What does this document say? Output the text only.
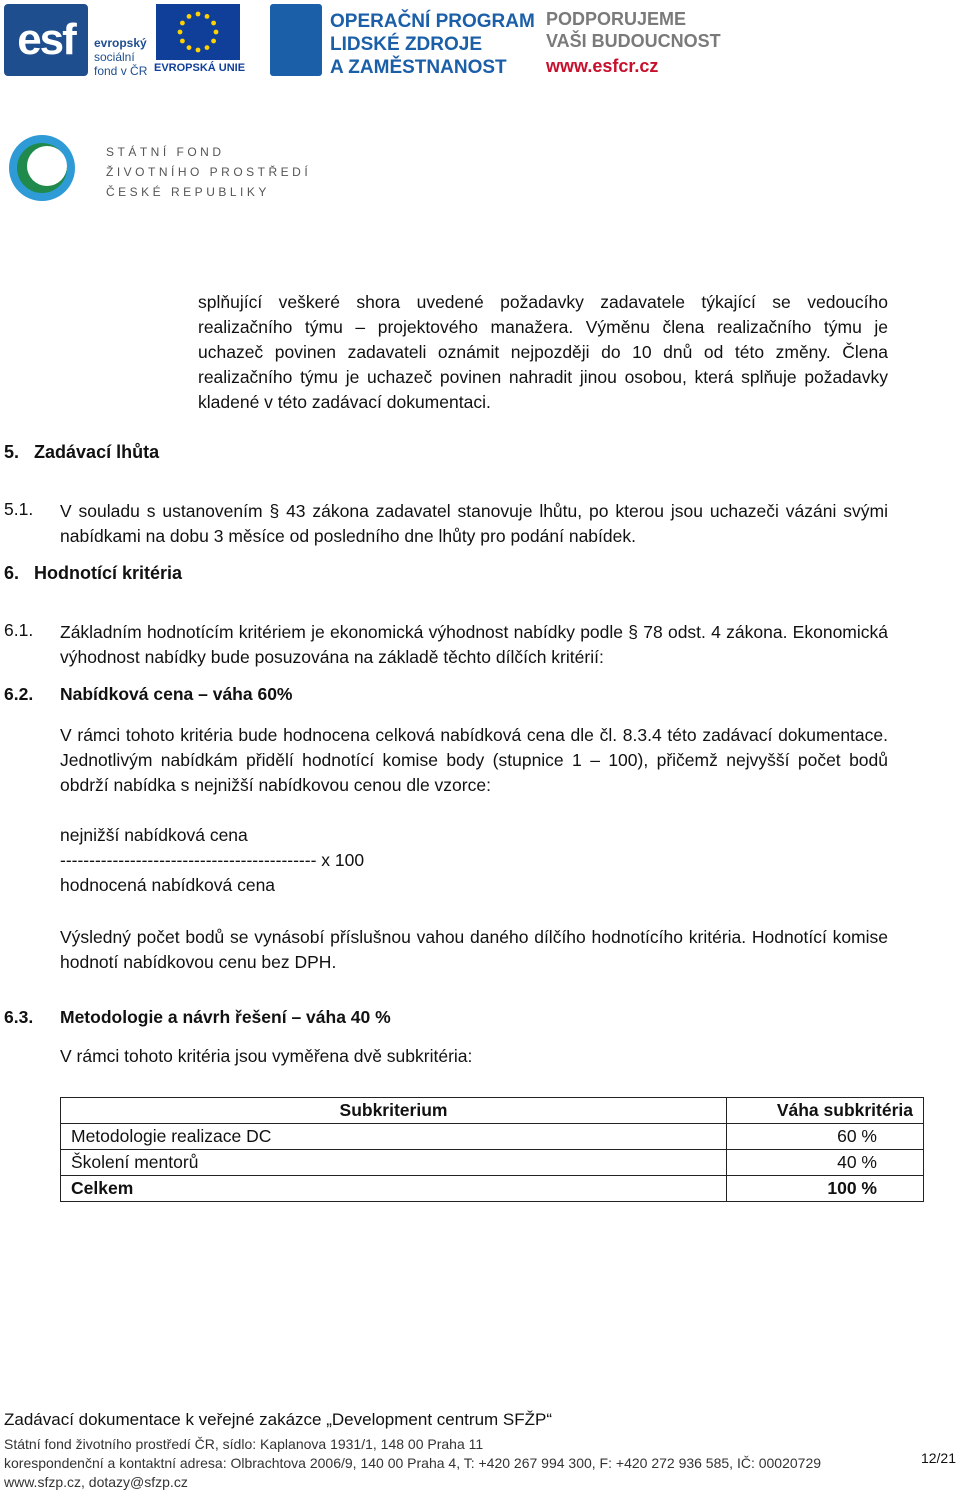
esf	evropský
sociální
fond v ČR EVROPSKÁ UNIE
OPERAČNÍ PROGRAM
LIDSKÉ ZDROJE
A ZAMĚSTNANOST
PODPORUJEME
VAŠI BUDOUCNOST
www.esfcr.cz
STÁTNÍ FOND
ŽIVOTNÍHO PROSTŘEDÍ
ČESKÉ REPUBLIKY
splňující veškeré shora uvedené požadavky zadavatele týkající se vedoucího realizačního týmu – projektového manažera. Výměnu člena realizačního týmu je uchazeč povinen zadavateli oznámit nejpozději do 10 dnů od této změny. Člena realizačního týmu je uchazeč povinen nahradit jinou osobou, která splňuje požadavky kladené v této zadávací dokumentaci.
5. Zadávací lhůta
5.1. V souladu s ustanovením § 43 zákona zadavatel stanovuje lhůtu, po kterou jsou uchazeči vázáni svými nabídkami na dobu 3 měsíce od posledního dne lhůty pro podání nabídek.
6. Hodnotící kritéria
6.1. Základním hodnotícím kritériem je ekonomická výhodnost nabídky podle § 78 odst. 4 zákona. Ekonomická výhodnost nabídky bude posuzována na základě těchto dílčích kritérií:
6.2. Nabídková cena – váha 60%
V rámci tohoto kritéria bude hodnocena celková nabídková cena dle čl. 8.3.4 této zadávací dokumentace. Jednotlivým nabídkám přidělí hodnotící komise body (stupnice 1 – 100), přičemž nejvyšší počet bodů obdrží nabídka s nejnižší nabídkovou cenou dle vzorce:
nejnižší nabídková cena
-------------------------------------------- x 100
hodnocená nabídková cena
Výsledný počet bodů se vynásobí příslušnou vahou daného dílčího hodnotícího kritéria. Hodnotící komise hodnotí nabídkovou cenu bez DPH.
6.3. Metodologie a návrh řešení – váha 40 %
V rámci tohoto kritéria jsou vyměřena dvě subkritéria:
Subkriterium	Váha subkritéria
Metodologie realizace DC	60 %
Školení mentorů	40 %
Celkem	100 %
Zadávací dokumentace k veřejné zakázce „Development centrum SFŽP“
Státní fond životního prostředí ČR, sídlo: Kaplanova 1931/1, 148 00 Praha 11
korespondenční a kontaktní adresa: Olbrachtova 2006/9, 140 00 Praha 4, T: +420 267 994 300, F: +420 272 936 585, IČ: 00020729
www.sfzp.cz, dotazy@sfzp.cz
12/21
